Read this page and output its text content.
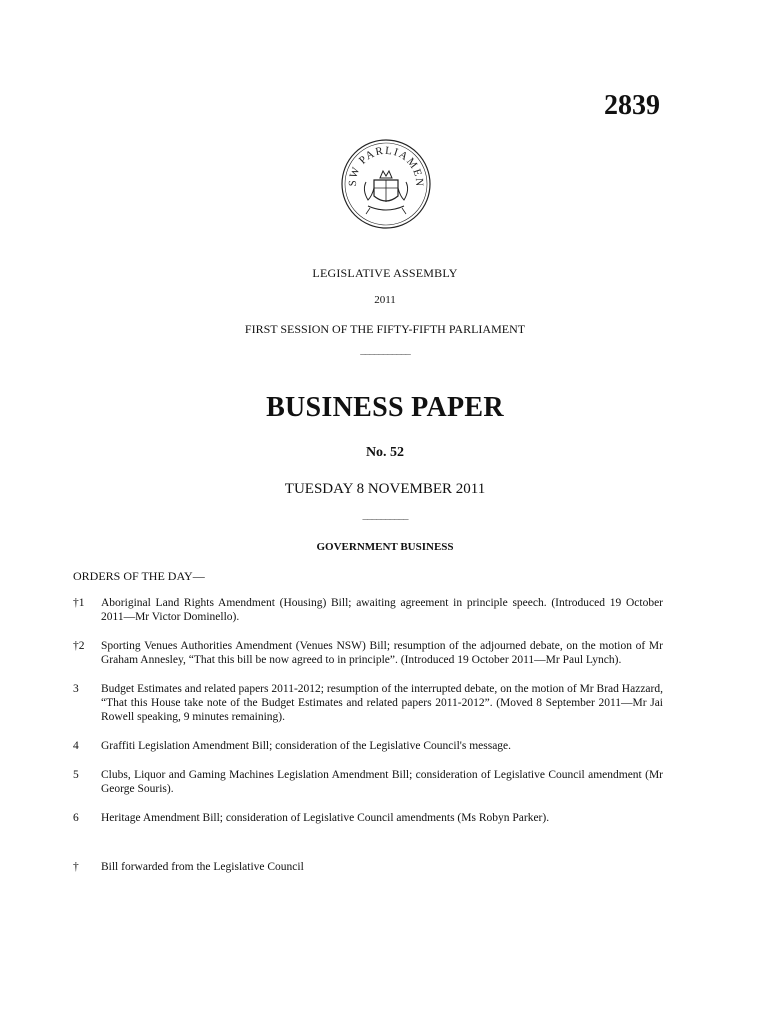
2839
SW PARLIAMEN
LEGISLATIVE ASSEMBLY
2011
FIRST SESSION OF THE FIFTY-FIFTH PARLIAMENT
___________
BUSINESS PAPER
No. 52
TUESDAY 8 NOVEMBER 2011
__________
GOVERNMENT BUSINESS
ORDERS OF THE DAY—
†1	Aboriginal Land Rights Amendment (Housing) Bill; awaiting agreement in principle speech. (Introduced 19 October 2011—Mr Victor Dominello).
†2	Sporting Venues Authorities Amendment (Venues NSW) Bill; resumption of the adjourned debate, on the motion of Mr Graham Annesley, “That this bill be now agreed to in principle”. (Introduced 19 October 2011—Mr Paul Lynch).
3	Budget Estimates and related papers 2011-2012; resumption of the interrupted debate, on the motion of Mr Brad Hazzard, “That this House take note of the Budget Estimates and related papers 2011-2012”. (Moved 8 September 2011—Mr Jai Rowell speaking, 9 minutes remaining).
4	Graffiti Legislation Amendment Bill; consideration of the Legislative Council's message.
5	Clubs, Liquor and Gaming Machines Legislation Amendment Bill; consideration of Legislative Council amendment (Mr George Souris).
6	Heritage Amendment Bill; consideration of Legislative Council amendments (Ms Robyn Parker).
†	Bill forwarded from the Legislative Council
